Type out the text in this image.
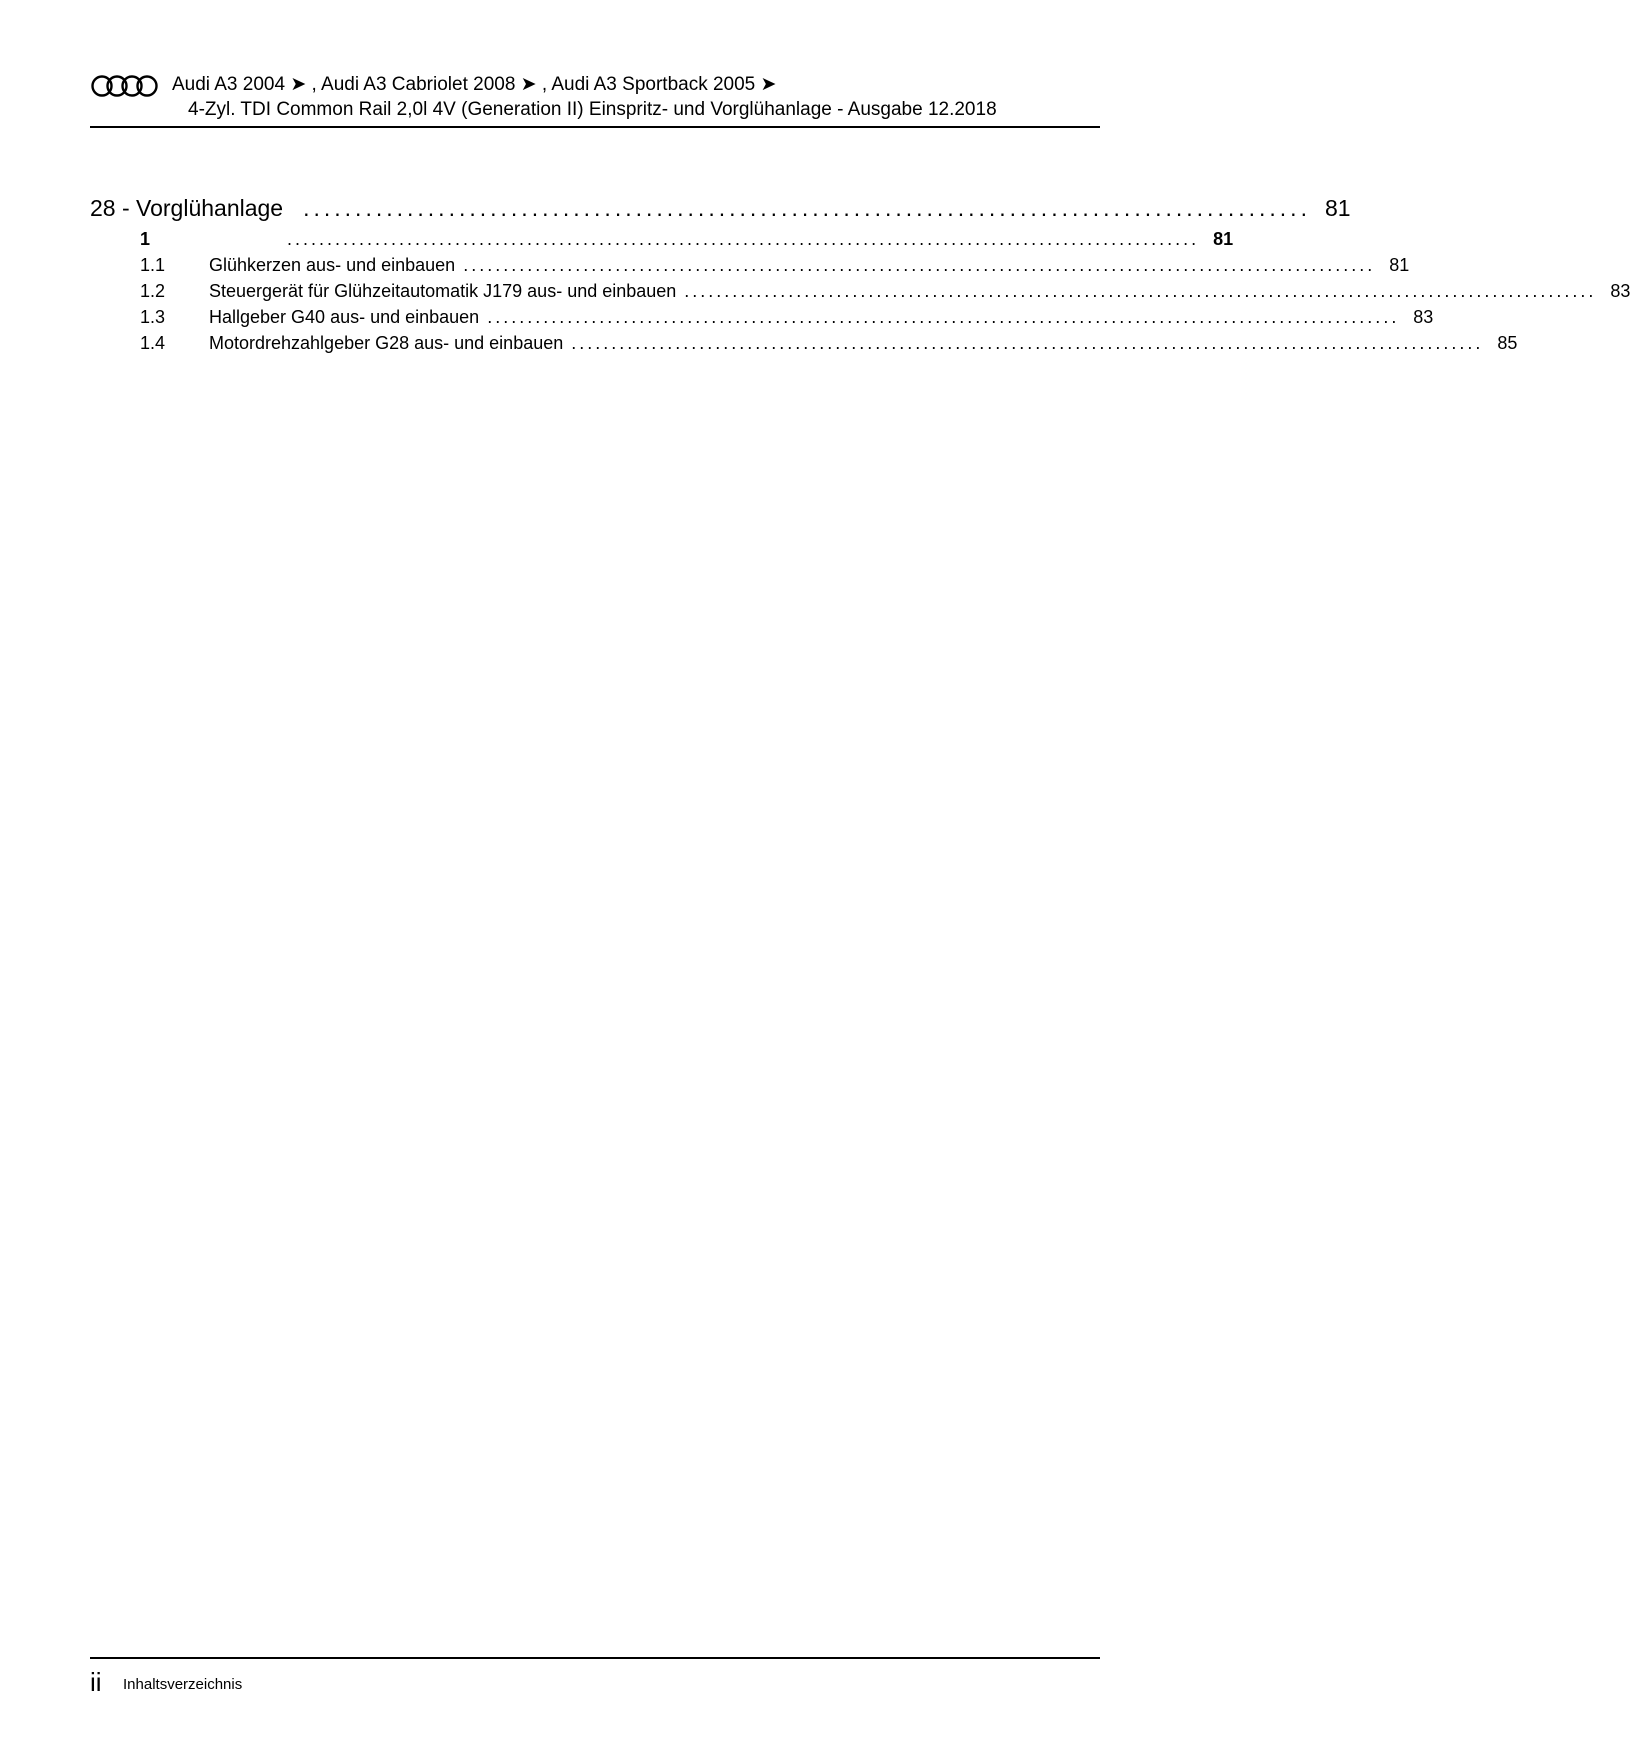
Audi A3 2004 ➤ , Audi A3 Cabriolet 2008 ➤ , Audi A3 Sportback 2005 ➤
4-Zyl. TDI Common Rail 2,0l 4V (Generation II) Einspritz- und Vorglühanlage - Ausgabe 12.2018
28 - Vorglühanlage ................................................................................................. 81
1	.................................................................................................................. 81
1.1	Glühkerzen aus- und einbauen .................................................................................................................. 81
1.2	Steuergerät für Glühzeitautomatik J179 aus- und einbauen .................................................................................................................. 83
1.3	Hallgeber G40 aus- und einbauen .................................................................................................................. 83
1.4	Motordrehzahlgeber G28 aus- und einbauen .................................................................................................................. 85
ii Inhaltsverzeichnis
